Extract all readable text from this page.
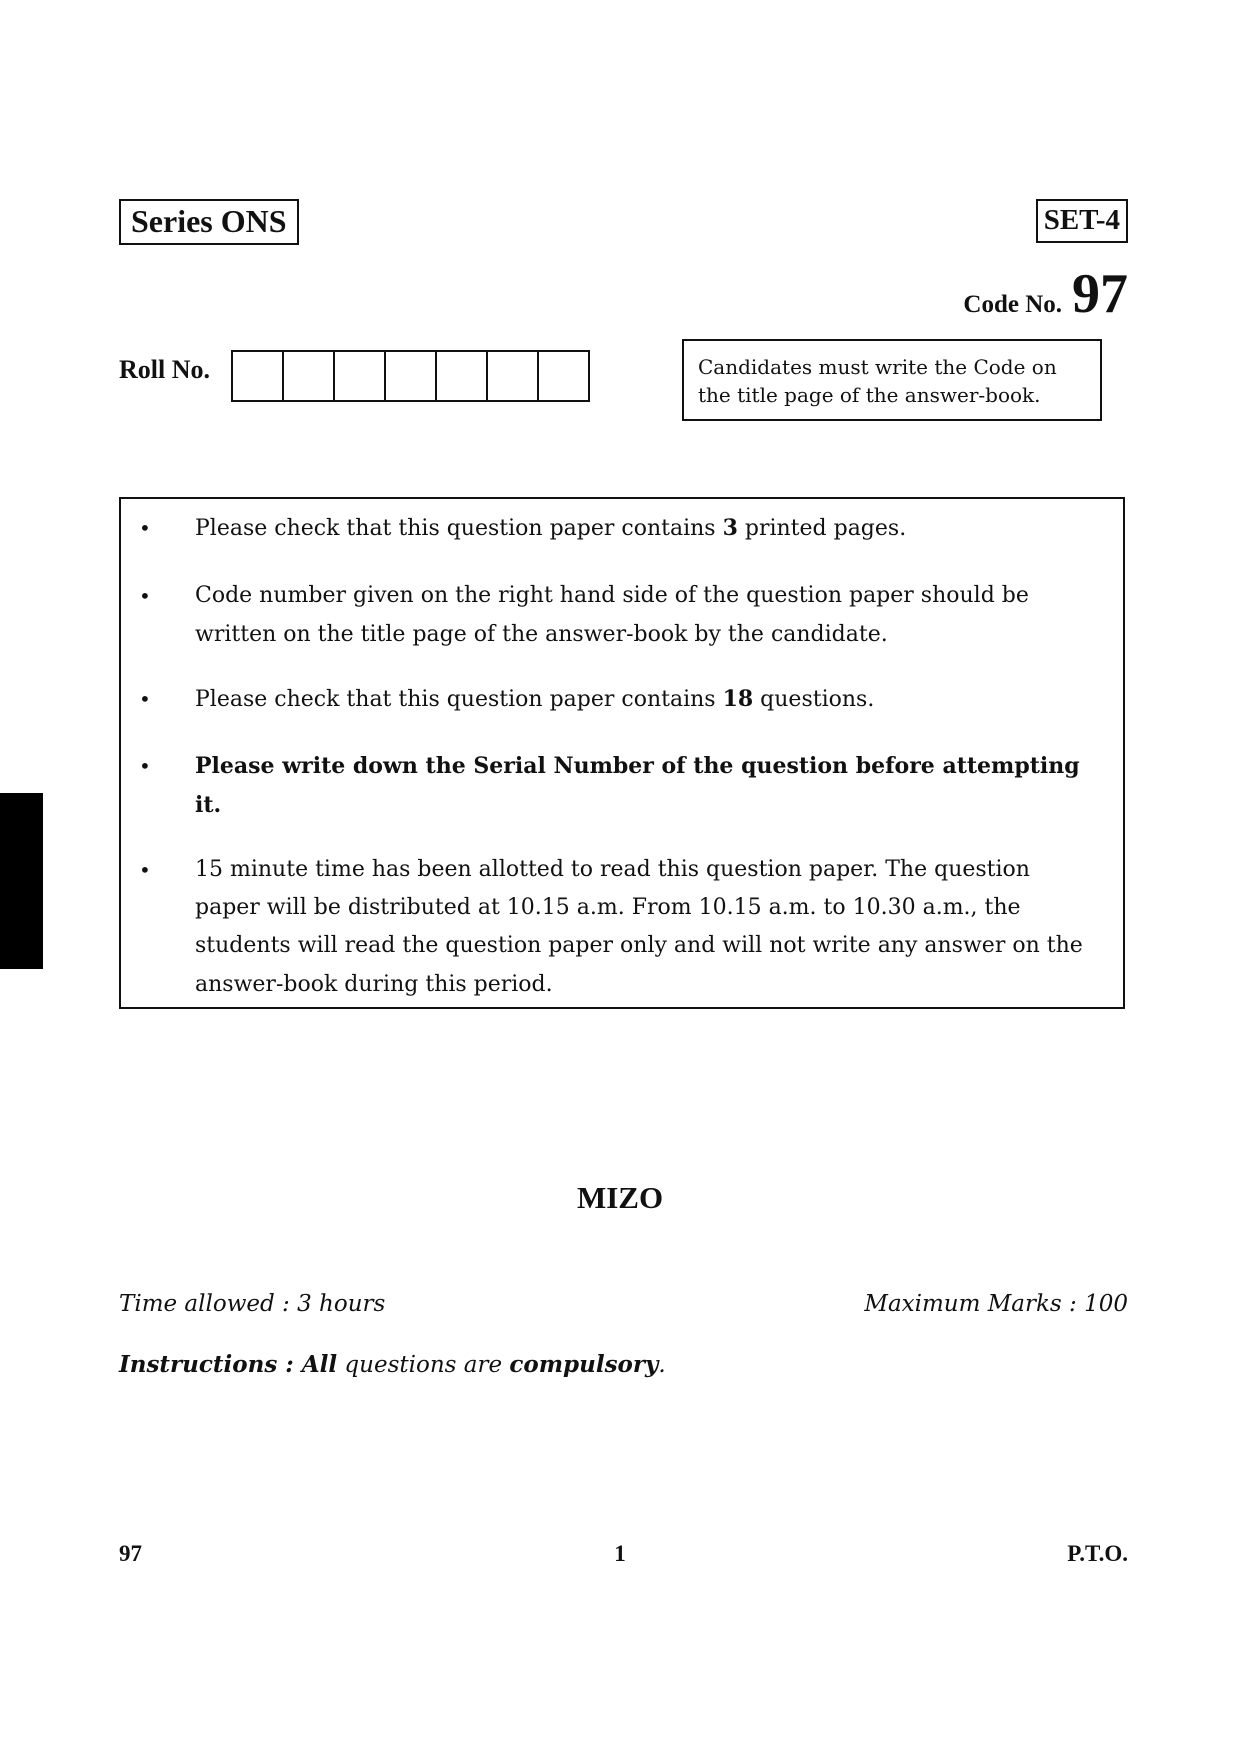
Series ONS	SET-4
Code No. 97
Roll No.	Candidates must write the Code on the title page of the answer-book.
•	Please check that this question paper contains 3 printed pages.
•	Code number given on the right hand side of the question paper should be written on the title page of the answer-book by the candidate.
•	Please check that this question paper contains 18 questions.
•	Please write down the Serial Number of the question before attempting it.
•	15 minute time has been allotted to read this question paper. The question paper will be distributed at 10.15 a.m. From 10.15 a.m. to 10.30 a.m., the students will read the question paper only and will not write any answer on the answer-book during this period.
MIZO
Time allowed : 3 hours	Maximum Marks : 100
Instructions : All questions are compulsory.
97	1	P.T.O.
